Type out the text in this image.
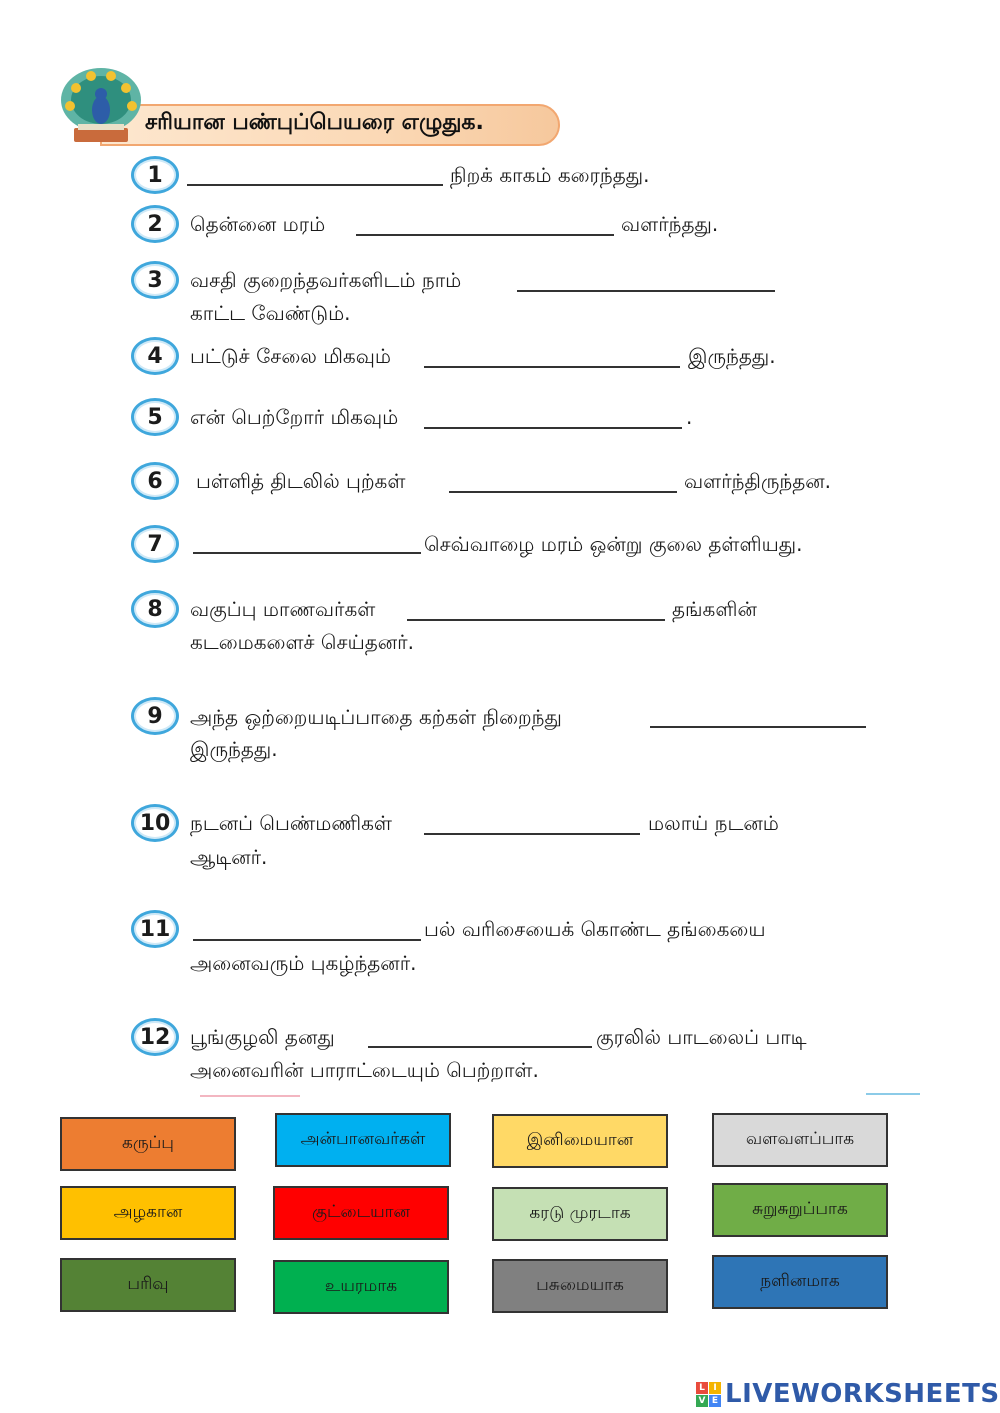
சரியான பண்புப்பெயரை எழுதுக.
1	நிறக் காகம் கரைந்தது.
2	தென்னை மரம்	வளர்ந்தது.
3	வசதி குறைந்தவர்களிடம் நாம்
காட்ட வேண்டும்.
4	பட்டுச் சேலை மிகவும்	இருந்தது.
5	என் பெற்றோர் மிகவும்	.
6	பள்ளித் திடலில் புற்கள்	வளர்ந்திருந்தன.
7	செவ்வாழை மரம் ஒன்று குலை தள்ளியது.
8	வகுப்பு மாணவர்கள்	தங்களின்
கடமைகளைச் செய்தனர்.
9	அந்த ஒற்றையடிப்பாதை கற்கள் நிறைந்து
இருந்தது.
10 நடனப் பெண்மணிகள்	மலாய் நடனம்
ஆடினர்.
11	பல் வரிசையைக் கொண்ட தங்கையை
அனைவரும் புகழ்ந்தனர்.
12 பூங்குழலி தனது	குரலில் பாடலைப் பாடி
அனைவரின் பாராட்டையும் பெற்றாள்.
கருப்பு	அன்பானவர்கள்	இனிமையான	வளவளப்பாக
அழகான	குட்டையான	கரடு முரடாக	சுறுசுறுப்பாக
பரிவு	உயரமாக	பசுமையாக	நளினமாக
L I
V E LIVEWORKSHEETS
